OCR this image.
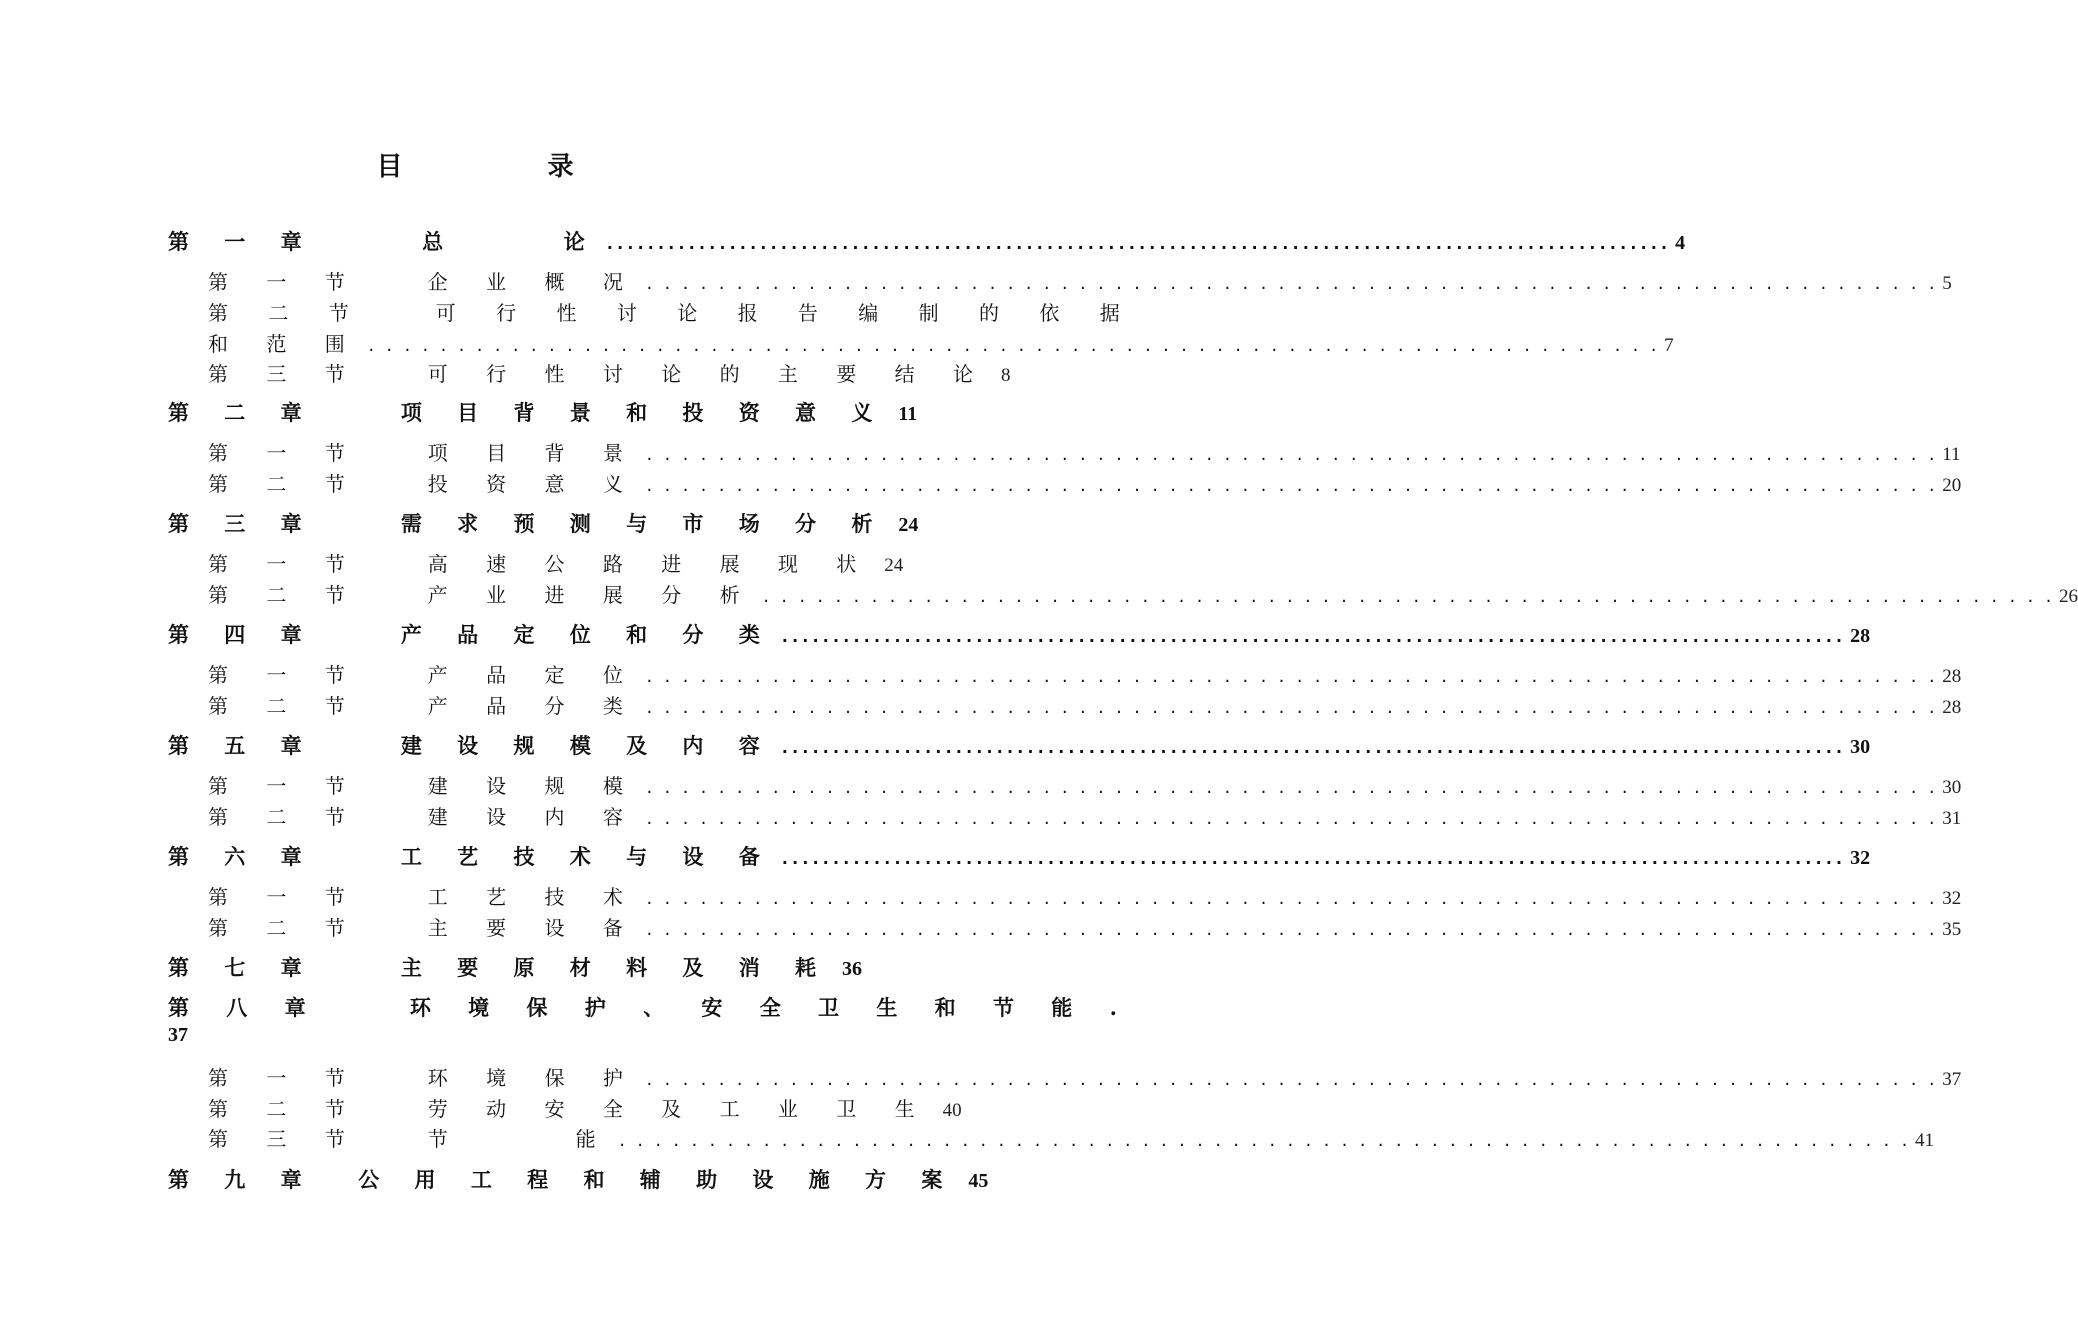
目 录
第 一 章     总     论 .....	4
第 一 节   企 业 概 况 . . .	5
第 二 节   可 行 性 讨 论 报 告 编 制 的 依 据
和 范 围 . . .	7
第 三 节   可 行 性 讨 论 的 主 要 结 论 8
第 二 章    项 目 背 景 和 投 资 意 义 11
第 一 节   项 目 背 景 . . .	11
第 二 节   投 资 意 义 . . .	20
第 三 章    需 求 预 测 与 市 场 分 析 24
第 一 节   高 速 公 路 进 展 现 状 24
第 二 节   产 业 进 展 分 析 . . .	26
第 四 章    产 品 定 位 和 分 类 .....	28
第 一 节   产 品 定 位 . . .	28
第 二 节   产 品 分 类 . . .	28
第 五 章    建 设 规 模 及 内 容 .....	30
第 一 节   建 设 规 模 . . .	30
第 二 节   建 设 内 容 . . .	31
第 六 章    工 艺 技 术 与 设 备 .....	32
第 一 节   工 艺 技 术 . . .	32
第 二 节   主 要 设 备 . . .	35
第 七 章    主 要 原 材 料 及 消 耗 36
第 八 章    环 境 保 护 、 安 全 卫 生 和 节 能 .
37
第 一 节   环 境 保 护 . . .	37
第 二 节   劳 动 安 全 及 工 业 卫 生 40
第 三 节   节     能 . . .	41
第 九 章  公 用 工 程 和 辅 助 设 施 方 案 45
